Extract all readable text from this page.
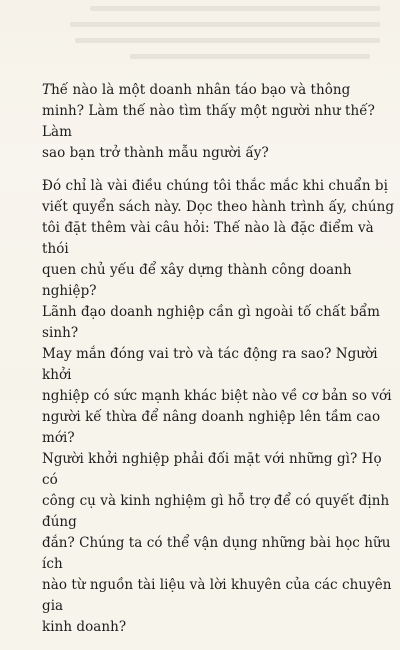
Thế nào là một doanh nhân táo bạo và thông
minh? Làm thế nào tìm thấy một người như thế? Làm
sao bạn trở thành mẫu người ấy?

Đó chỉ là vài điều chúng tôi thắc mắc khi chuẩn bị
viết quyển sách này. Dọc theo hành trình ấy, chúng
tôi đặt thêm vài câu hỏi: Thế nào là đặc điểm và thói
quen chủ yếu để xây dựng thành công doanh nghiệp?
Lãnh đạo doanh nghiệp cần gì ngoài tố chất bẩm sinh?
May mắn đóng vai trò và tác động ra sao? Người khởi
nghiệp có sức mạnh khác biệt nào về cơ bản so với
người kế thừa để nâng doanh nghiệp lên tầm cao mới?
Người khởi nghiệp phải đối mặt với những gì? Họ có
công cụ và kinh nghiệm gì hỗ trợ để có quyết định đúng
đắn? Chúng ta có thể vận dụng những bài học hữu ích
nào từ nguồn tài liệu và lời khuyên của các chuyên gia
kinh doanh?
